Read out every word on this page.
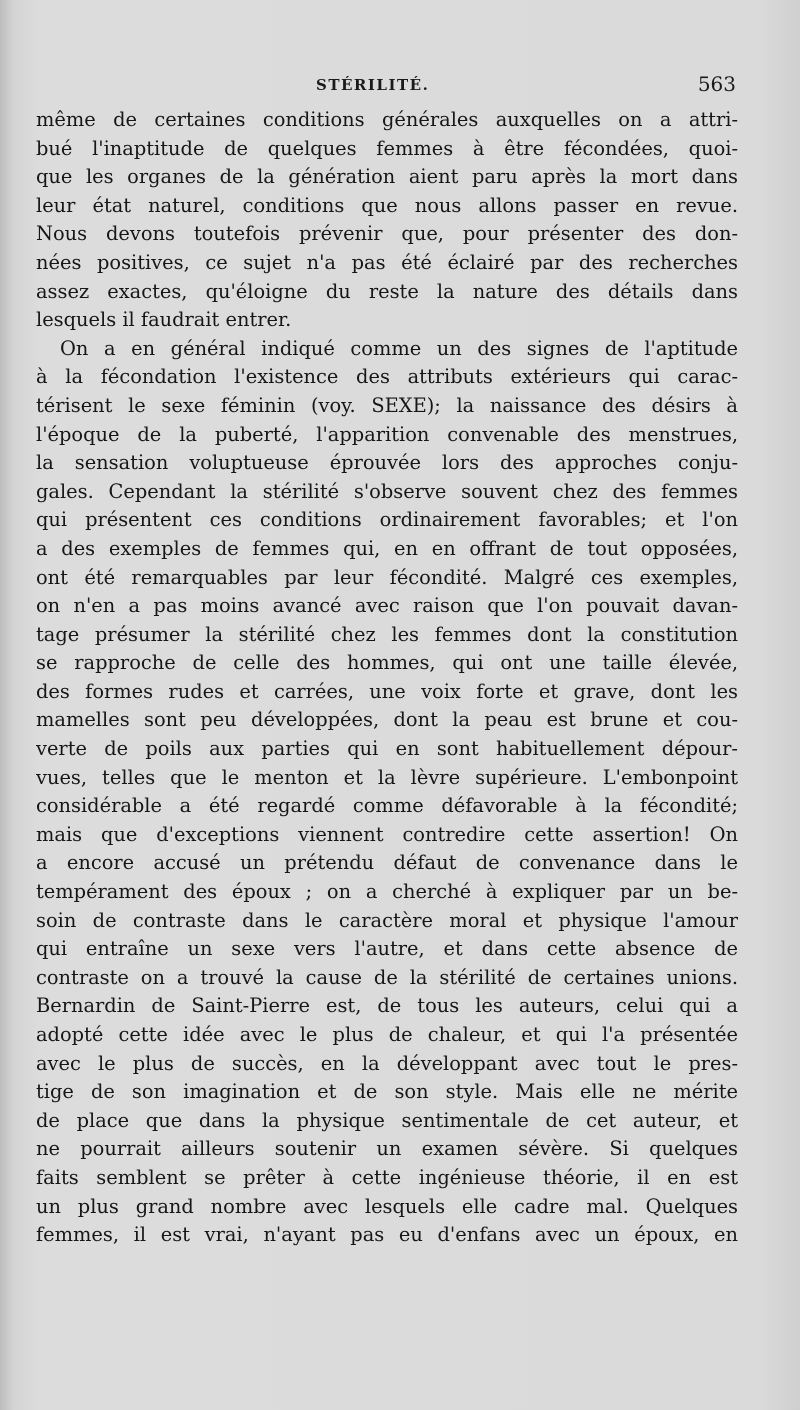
STÉRILITÉ.	563
même de certaines conditions générales auxquelles on a attri-
bué l'inaptitude de quelques femmes à être fécondées, quoi-
que les organes de la génération aient paru après la mort dans
leur état naturel, conditions que nous allons passer en revue.
Nous devons toutefois prévenir que, pour présenter des don-
nées positives, ce sujet n'a pas été éclairé par des recherches
assez exactes, qu'éloigne du reste la nature des détails dans
lesquels il faudrait entrer.
On a en général indiqué comme un des signes de l'aptitude
à la fécondation l'existence des attributs extérieurs qui carac-
térisent le sexe féminin (voy. SEXE); la naissance des désirs à
l'époque de la puberté, l'apparition convenable des menstrues,
la sensation voluptueuse éprouvée lors des approches conju-
gales. Cependant la stérilité s'observe souvent chez des femmes
qui présentent ces conditions ordinairement favorables; et l'on
a des exemples de femmes qui, en en offrant de tout opposées,
ont été remarquables par leur fécondité. Malgré ces exemples,
on n'en a pas moins avancé avec raison que l'on pouvait davan-
tage présumer la stérilité chez les femmes dont la constitution
se rapproche de celle des hommes, qui ont une taille élevée,
des formes rudes et carrées, une voix forte et grave, dont les
mamelles sont peu développées, dont la peau est brune et cou-
verte de poils aux parties qui en sont habituellement dépour-
vues, telles que le menton et la lèvre supérieure. L'embonpoint
considérable a été regardé comme défavorable à la fécondité;
mais que d'exceptions viennent contredire cette assertion! On
a encore accusé un prétendu défaut de convenance dans le
tempérament des époux ; on a cherché à expliquer par un be-
soin de contraste dans le caractère moral et physique l'amour
qui entraîne un sexe vers l'autre, et dans cette absence de
contraste on a trouvé la cause de la stérilité de certaines unions.
Bernardin de Saint-Pierre est, de tous les auteurs, celui qui a
adopté cette idée avec le plus de chaleur, et qui l'a présentée
avec le plus de succès, en la développant avec tout le pres-
tige de son imagination et de son style. Mais elle ne mérite
de place que dans la physique sentimentale de cet auteur, et
ne pourrait ailleurs soutenir un examen sévère. Si quelques
faits semblent se prêter à cette ingénieuse théorie, il en est
un plus grand nombre avec lesquels elle cadre mal. Quelques
femmes, il est vrai, n'ayant pas eu d'enfans avec un époux, en
